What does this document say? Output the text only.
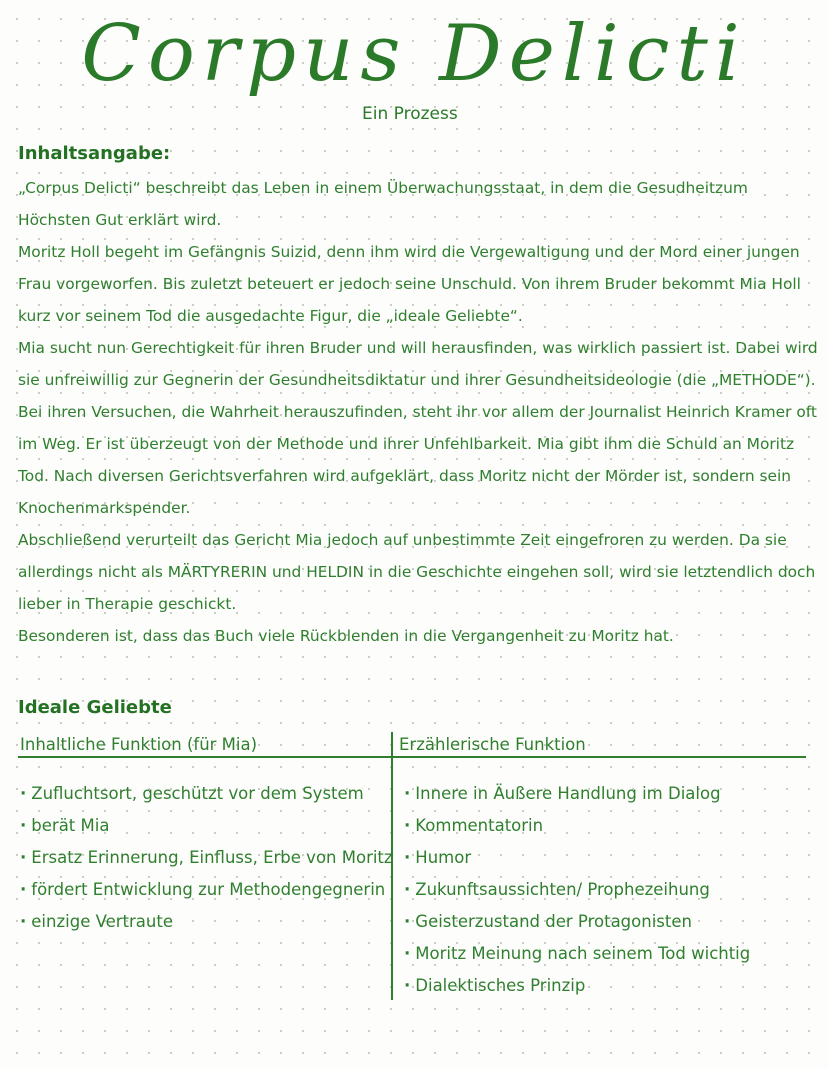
Corpus Delicti
Ein Prozess
Inhaltsangabe:

„Corpus Delicti“ beschreibt das Leben in einem Überwachungsstaat, in dem die Gesudheitzum Höchsten Gut erklärt wird.

Moritz Holl begeht im Gefängnis Suizid, denn ihm wird die Vergewaltigung und der Mord einer jungen Frau vorgeworfen. Bis zuletzt beteuert er jedoch seine Unschuld. Von ihrem Bruder bekommt Mia Holl kurz vor seinem Tod die ausgedachte Figur, die „ideale Geliebte“.

Mia sucht nun Gerechtigkeit für ihren Bruder und will herausfinden, was wirklich passiert ist. Dabei wird sie unfreiwillig zur Gegnerin der Gesundheitsdiktatur und ihrer Gesundheitsideologie (die „METHODE“). Bei ihren Versuchen, die Wahrheit herauszufinden, steht ihr vor allem der Journalist Heinrich Kramer oft im Weg. Er ist überzeugt von der Methode und ihrer Unfehlbarkeit. Mia gibt ihm die Schuld an Moritz Tod. Nach diversen Gerichtsverfahren wird aufgeklärt, dass Moritz nicht der Mörder ist, sondern sein Knochenmarkspender.

Abschließend verurteilt das Gericht Mia jedoch auf unbestimmte Zeit eingefroren zu werden. Da sie allerdings nicht als MÄRTYRERIN und HELDIN in die Geschichte eingehen soll, wird sie letztendlich doch lieber in Therapie geschickt.

Besonderen ist, dass das Buch viele Rückblenden in die Vergangenheit zu Moritz hat.

Ideale Geliebte
Inhaltliche Funktion (für Mia)	Erzählerische Funktion
· Zufluchtsort, geschützt vor dem System
· berät Mia
· Ersatz Erinnerung, Einfluss, Erbe von Moritz
· fördert Entwicklung zur Methodengegnerin
· einzige Vertraute
· Innere in Äußere Handlung im Dialog
· Kommentatorin
· Humor
· Zukunftsaussichten/ Prophezeihung
· Geisterzustand der Protagonisten
· Moritz Meinung nach seinem Tod wichtig
· Dialektisches Prinzip
